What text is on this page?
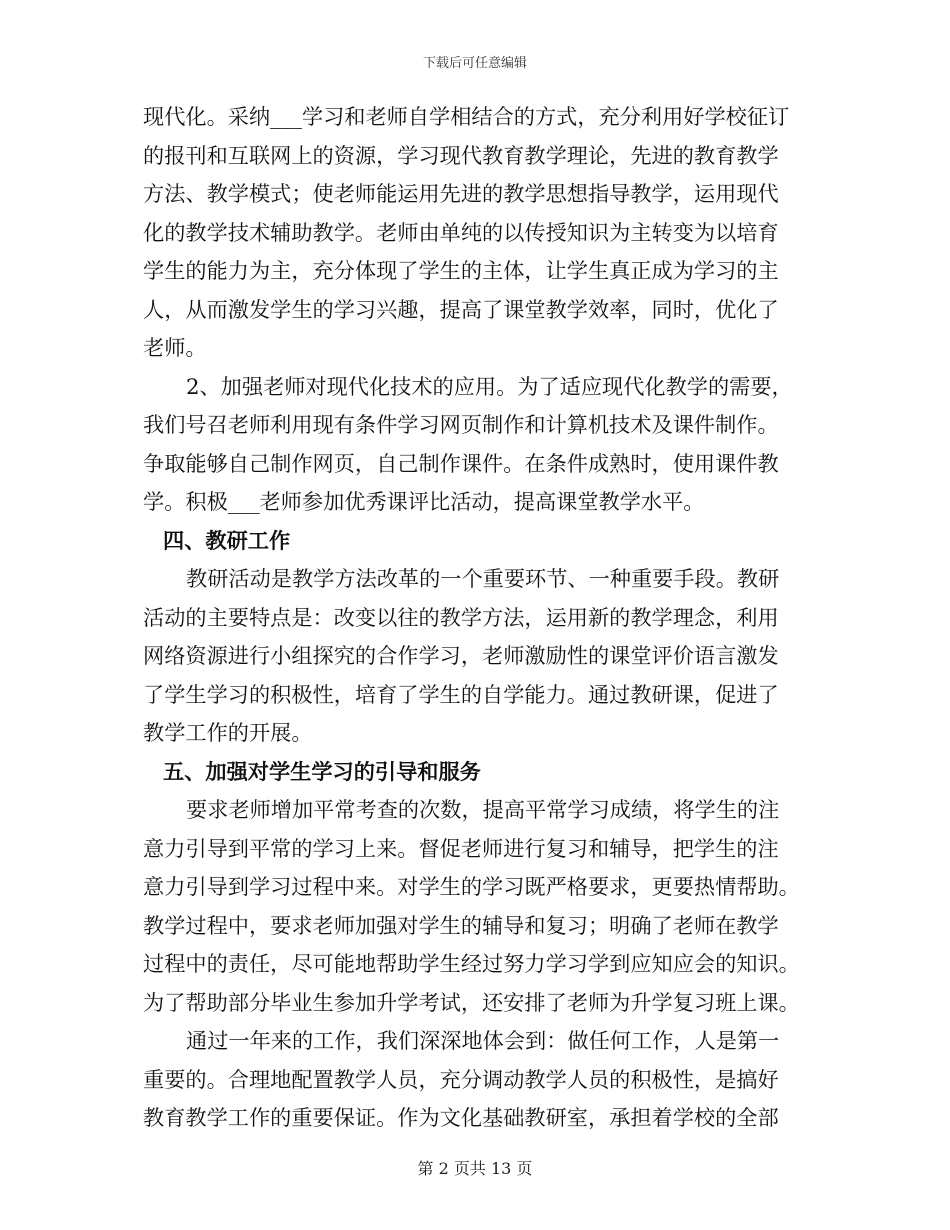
下载后可任意编辑
现代化。采纳___学习和老师自学相结合的方式，充分利用好学校征订
的报刊和互联网上的资源，学习现代教育教学理论，先进的教育教学
方法、教学模式；使老师能运用先进的教学思想指导教学，运用现代
化的教学技术辅助教学。老师由单纯的以传授知识为主转变为以培育
学生的能力为主，充分体现了学生的主体，让学生真正成为学习的主
人，从而激发学生的学习兴趣，提高了课堂教学效率，同时，优化了
老师。
2、加强老师对现代化技术的应用。为了适应现代化教学的需要，
我们号召老师利用现有条件学习网页制作和计算机技术及课件制作。
争取能够自己制作网页，自己制作课件。在条件成熟时，使用课件教
学。积极___老师参加优秀课评比活动，提高课堂教学水平。
四、教研工作
教研活动是教学方法改革的一个重要环节、一种重要手段。教研
活动的主要特点是：改变以往的教学方法，运用新的教学理念，利用
网络资源进行小组探究的合作学习，老师激励性的课堂评价语言激发
了学生学习的积极性，培育了学生的自学能力。通过教研课，促进了
教学工作的开展。
五、加强对学生学习的引导和服务
要求老师增加平常考查的次数，提高平常学习成绩，将学生的注
意力引导到平常的学习上来。督促老师进行复习和辅导，把学生的注
意力引导到学习过程中来。对学生的学习既严格要求，更要热情帮助。
教学过程中，要求老师加强对学生的辅导和复习；明确了老师在教学
过程中的责任，尽可能地帮助学生经过努力学习学到应知应会的知识。
为了帮助部分毕业生参加升学考试，还安排了老师为升学复习班上课。
通过一年来的工作，我们深深地体会到：做任何工作，人是第一
重要的。合理地配置教学人员，充分调动教学人员的积极性，是搞好
教育教学工作的重要保证。作为文化基础教研室，承担着学校的全部
第 2 页共 13 页
